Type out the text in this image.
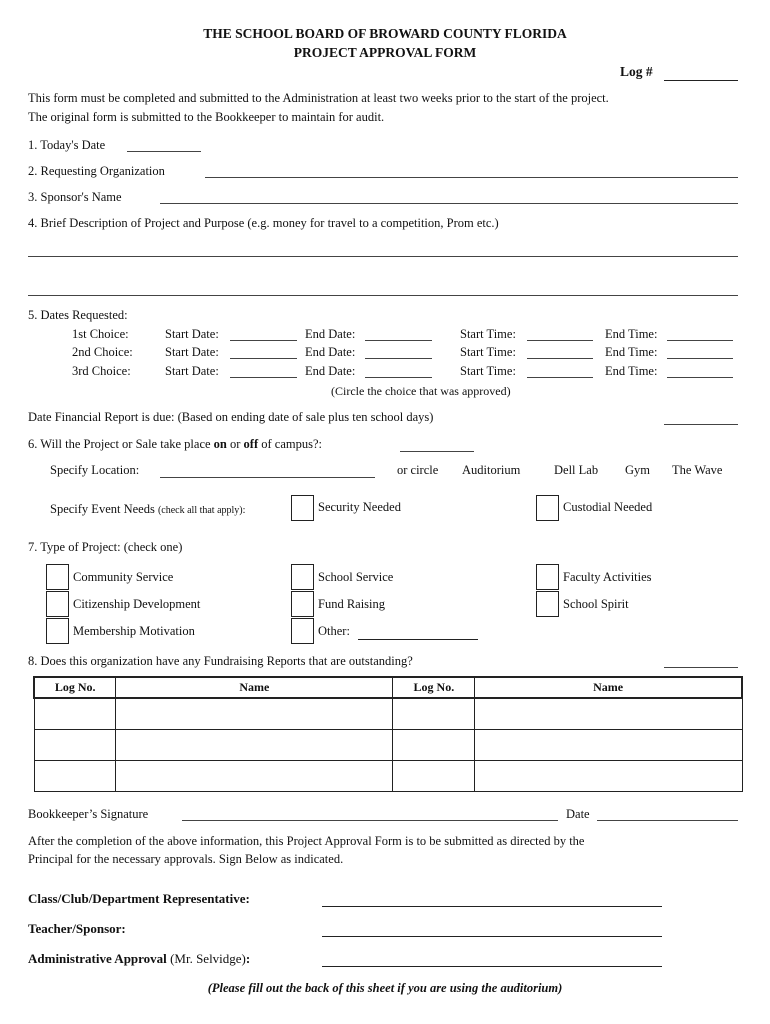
THE SCHOOL BOARD OF BROWARD COUNTY FLORIDA
PROJECT APPROVAL FORM
Log #
This form must be completed and submitted to the Administration at least two weeks prior to the start of the project.
The original form is submitted to the Bookkeeper to maintain for audit.
1. Today's Date
2. Requesting Organization
3. Sponsor's Name
4. Brief Description of Project and Purpose (e.g. money for travel to a competition, Prom etc.)
5. Dates Requested:
1st Choice:	Start Date:	End Date:	Start Time:	End Time:
2nd Choice:	Start Date:	End Date:	Start Time:	End Time:
3rd Choice:	Start Date:	End Date:	Start Time:	End Time:
(Circle the choice that was approved)
Date Financial Report is due: (Based on ending date of sale plus ten school days)
6. Will the Project or Sale take place on or off of campus?:
Specify Location:	or circle Auditorium	Dell Lab Gym The Wave
Specify Event Needs (check all that apply):	Security Needed	Custodial Needed
7. Type of Project: (check one)
Community Service
Citizenship Development
Membership Motivation
School Service
Fund Raising
Other:
Faculty Activities
School Spirit
8. Does this organization have any Fundraising Reports that are outstanding?
Log No.	Name	Log No.	Name

Bookkeeper’s Signature	Date
After the completion of the above information, this Project Approval Form is to be submitted as directed by the
Principal for the necessary approvals. Sign Below as indicated.
Class/Club/Department Representative:
Teacher/Sponsor:
Administrative Approval (Mr. Selvidge):
(Please fill out the back of this sheet if you are using the auditorium)
